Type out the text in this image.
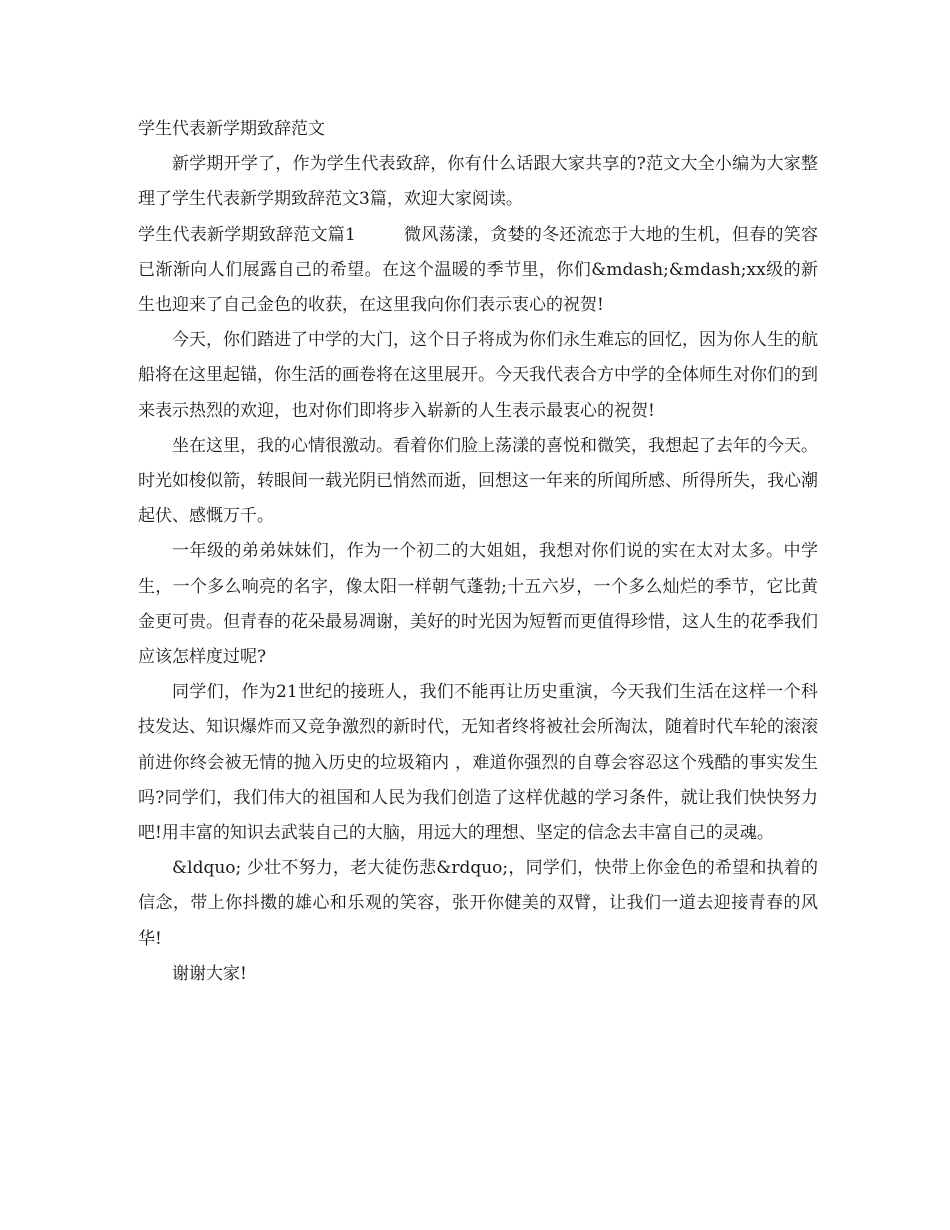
学生代表新学期致辞范文

新学期开学了，作为学生代表致辞，你有什么话跟大家共享的?范文大全小编为大家整理了学生代表新学期致辞范文3篇，欢迎大家阅读。

学生代表新学期致辞范文篇1	微风荡漾，贪婪的冬还流恋于大地的生机，但春的笑容已渐渐向人们展露自己的希望。在这个温暖的季节里，你们&mdash;&mdash;xx级的新生也迎来了自己金色的收获，在这里我向你们表示衷心的祝贺!

今天，你们踏进了中学的大门，这个日子将成为你们永生难忘的回忆，因为你人生的航船将在这里起锚，你生活的画卷将在这里展开。今天我代表合方中学的全体师生对你们的到来表示热烈的欢迎，也对你们即将步入崭新的人生表示最衷心的祝贺!

坐在这里，我的心情很激动。看着你们脸上荡漾的喜悦和微笑，我想起了去年的今天。时光如梭似箭，转眼间一载光阴已悄然而逝，回想这一年来的所闻所感、所得所失，我心潮起伏、感慨万千。

一年级的弟弟妹妹们，作为一个初二的大姐姐，我想对你们说的实在太对太多。中学生，一个多么响亮的名字，像太阳一样朝气蓬勃;十五六岁，一个多么灿烂的季节，它比黄金更可贵。但青春的花朵最易凋谢，美好的时光因为短暂而更值得珍惜，这人生的花季我们应该怎样度过呢?

同学们，作为21世纪的接班人，我们不能再让历史重演，今天我们生活在这样一个科技发达、知识爆炸而又竞争激烈的新时代，无知者终将被社会所淘汰，随着时代车轮的滚滚前进你终会被无情的抛入历史的垃圾箱内 ，难道你强烈的自尊会容忍这个残酷的事实发生吗?同学们，我们伟大的祖国和人民为我们创造了这样优越的学习条件，就让我们快快努力吧!用丰富的知识去武装自己的大脑，用远大的理想、坚定的信念去丰富自己的灵魂。

&ldquo; 少壮不努力，老大徒伤悲&rdquo;，同学们，快带上你金色的希望和执着的信念，带上你抖擞的雄心和乐观的笑容，张开你健美的双臂，让我们一道去迎接青春的风华!

谢谢大家!
